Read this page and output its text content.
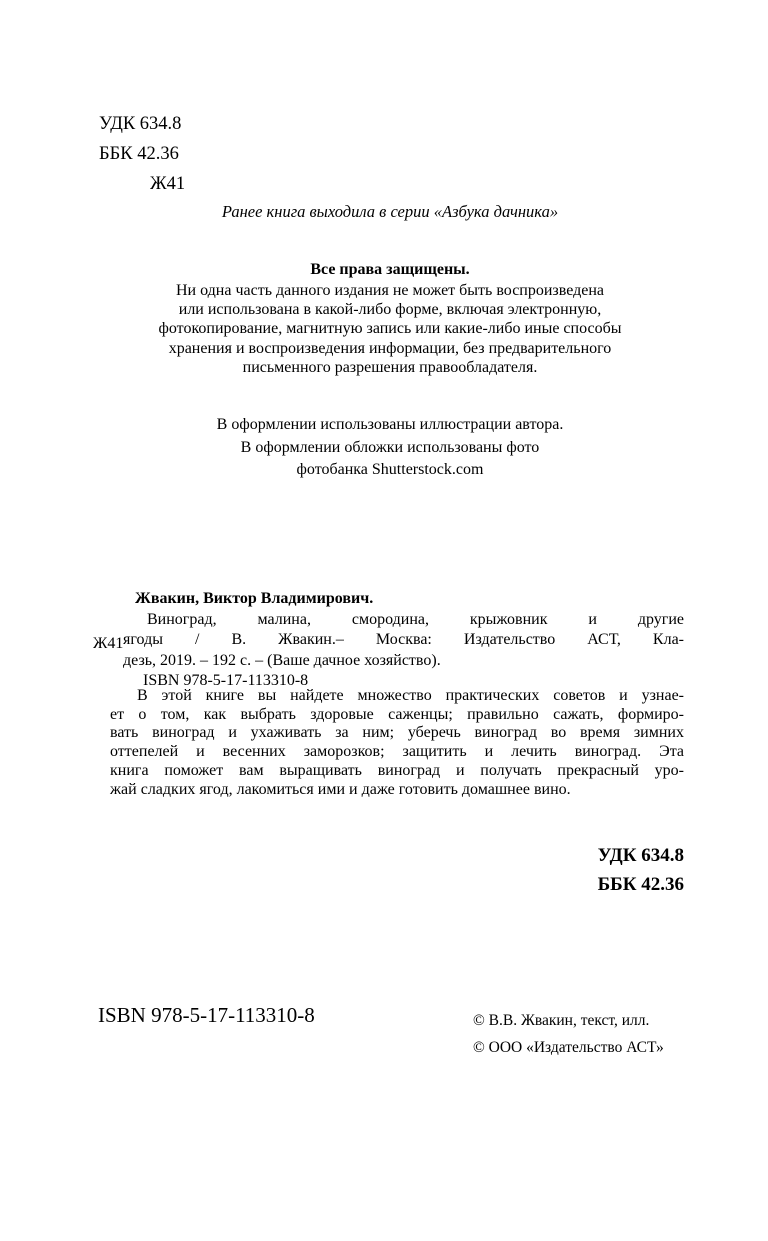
УДК 634.8
ББК 42.36
Ж41
Ранее книга выходила в серии «Азбука дачника»
Все права защищены.
Ни одна часть данного издания не может быть воспроизведена
или использована в какой-либо форме, включая электронную,
фотокопирование, магнитную запись или какие-либо иные способы
хранения и воспроизведения информации, без предварительного
письменного разрешения правообладателя.
В оформлении использованы иллюстрации автора.
В оформлении обложки использованы фото
фотобанка Shutterstock.com
Ж41
Жвакин, Виктор Владимирович.
Виноград, малина, смородина, крыжовник и другие
ягоды / В. Жвакин.– Москва: Издательство АСТ, Кла-
дезь, 2019. – 192 с. – (Ваше дачное хозяйство).
ISBN 978-5-17-113310-8
В этой книге вы найдете множество практических советов и узнае-
ет о том, как выбрать здоровые саженцы; правильно сажать, формиро-
вать виноград и ухаживать за ним; уберечь виноград во время зимних
оттепелей и весенних заморозков; защитить и лечить виноград. Эта
книга поможет вам выращивать виноград и получать прекрасный уро-
жай сладких ягод, лакомиться ими и даже готовить домашнее вино.
УДК 634.8
ББК 42.36
ISBN 978-5-17-113310-8	© В.В. Жвакин, текст, илл.
© ООО «Издательство АСТ»
